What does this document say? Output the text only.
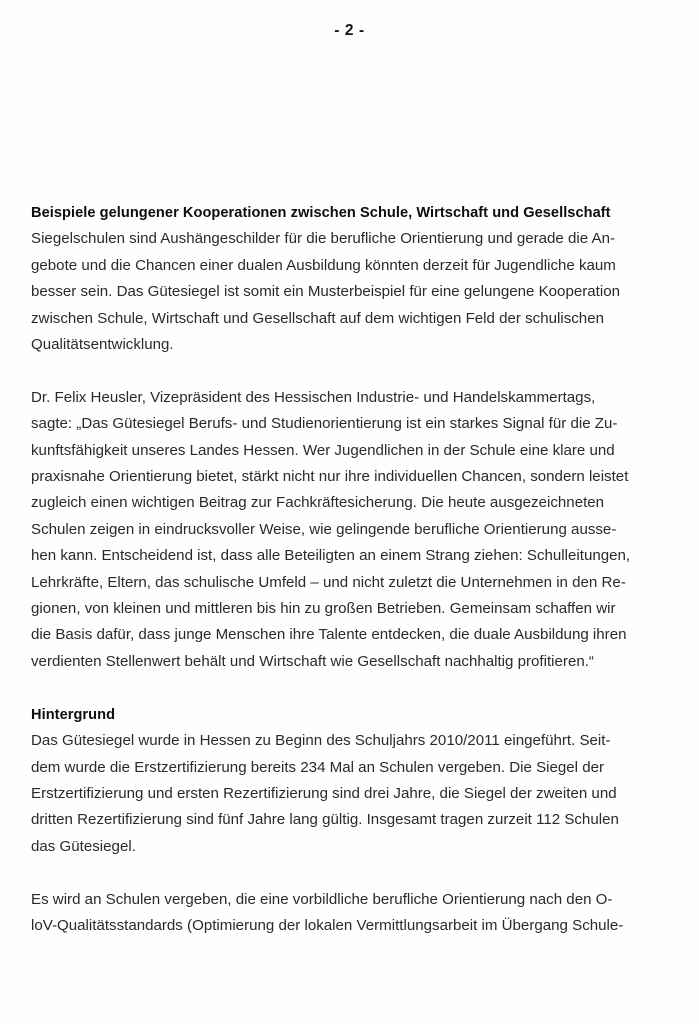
- 2 -

Beispiele gelungener Kooperationen zwischen Schule, Wirtschaft und Gesellschaft

Siegelschulen sind Aushängeschilder für die berufliche Orientierung und gerade die An-
gebote und die Chancen einer dualen Ausbildung könnten derzeit für Jugendliche kaum
besser sein. Das Gütesiegel ist somit ein Musterbeispiel für eine gelungene Kooperation
zwischen Schule, Wirtschaft und Gesellschaft auf dem wichtigen Feld der schulischen
Qualitätsentwicklung.

Dr. Felix Heusler, Vizepräsident des Hessischen Industrie- und Handelskammertags,
sagte: „Das Gütesiegel Berufs- und Studienorientierung ist ein starkes Signal für die Zu-
kunftsfähigkeit unseres Landes Hessen. Wer Jugendlichen in der Schule eine klare und
praxisnahe Orientierung bietet, stärkt nicht nur ihre individuellen Chancen, sondern leistet
zugleich einen wichtigen Beitrag zur Fachkräftesicherung. Die heute ausgezeichneten
Schulen zeigen in eindrucksvoller Weise, wie gelingende berufliche Orientierung ausse-
hen kann. Entscheidend ist, dass alle Beteiligten an einem Strang ziehen: Schulleitungen,
Lehrkräfte, Eltern, das schulische Umfeld – und nicht zuletzt die Unternehmen in den Re-
gionen, von kleinen und mittleren bis hin zu großen Betrieben. Gemeinsam schaffen wir
die Basis dafür, dass junge Menschen ihre Talente entdecken, die duale Ausbildung ihren
verdienten Stellenwert behält und Wirtschaft wie Gesellschaft nachhaltig profitieren.“

Hintergrund

Das Gütesiegel wurde in Hessen zu Beginn des Schuljahrs 2010/2011 eingeführt. Seit-
dem wurde die Erstzertifizierung bereits 234 Mal an Schulen vergeben. Die Siegel der
Erstzertifizierung und ersten Rezertifizierung sind drei Jahre, die Siegel der zweiten und
dritten Rezertifizierung sind fünf Jahre lang gültig. Insgesamt tragen zurzeit 112 Schulen
das Gütesiegel.

Es wird an Schulen vergeben, die eine vorbildliche berufliche Orientierung nach den O-
loV-Qualitätsstandards (Optimierung der lokalen Vermittlungsarbeit im Übergang Schule-
